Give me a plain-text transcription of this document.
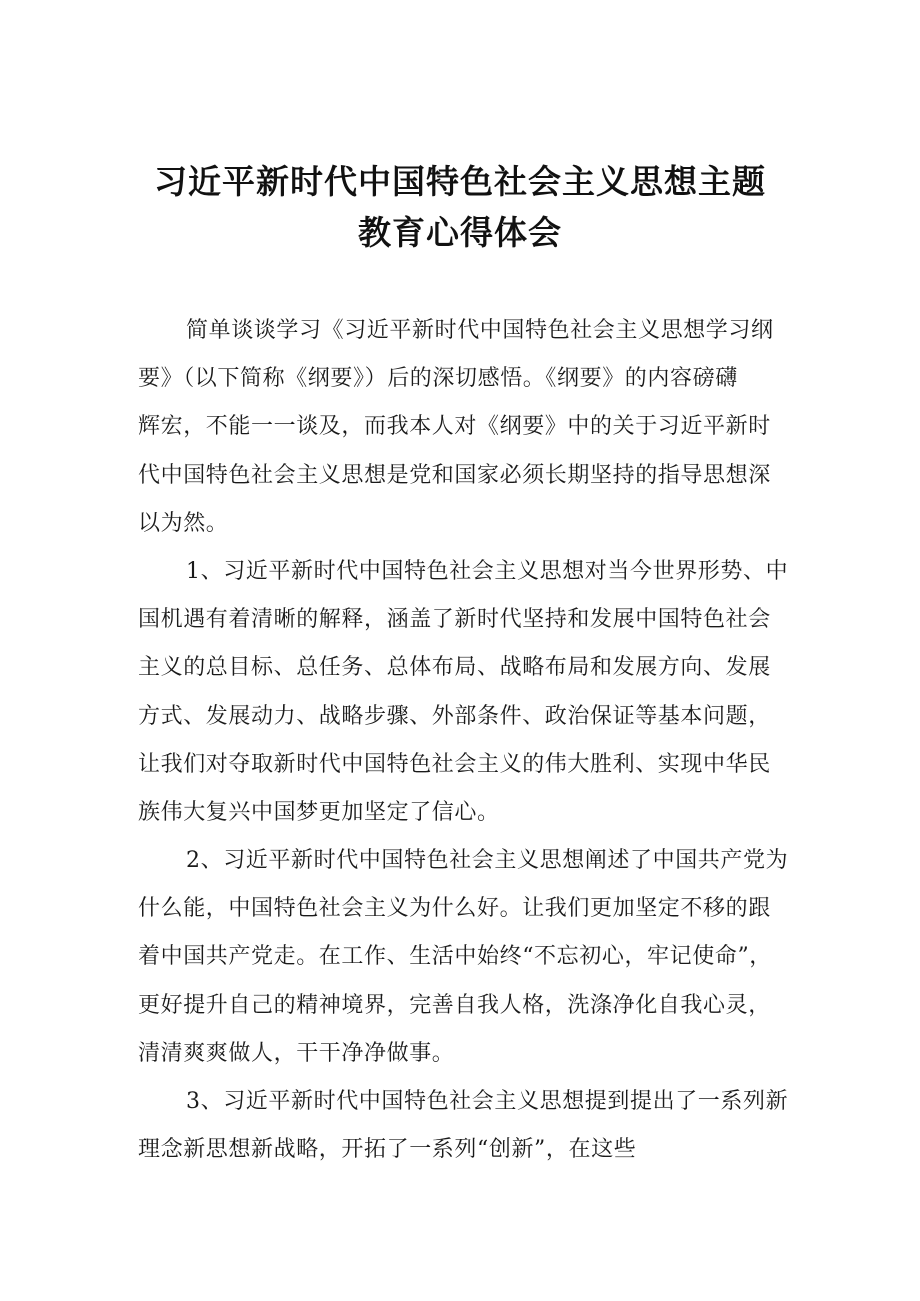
习近平新时代中国特色社会主义思想主题
教育心得体会
简单谈谈学习《习近平新时代中国特色社会主义思想学习纲
要》（以下简称《纲要》）后的深切感悟。《纲要》的内容磅礴
辉宏，不能一一谈及，而我本人对《纲要》中的关于习近平新时
代中国特色社会主义思想是党和国家必须长期坚持的指导思想深
以为然。
1、习近平新时代中国特色社会主义思想对当今世界形势、中
国机遇有着清晰的解释，涵盖了新时代坚持和发展中国特色社会
主义的总目标、总任务、总体布局、战略布局和发展方向、发展
方式、发展动力、战略步骤、外部条件、政治保证等基本问题，
让我们对夺取新时代中国特色社会主义的伟大胜利、实现中华民
族伟大复兴中国梦更加坚定了信心。
2、习近平新时代中国特色社会主义思想阐述了中国共产党为
什么能，中国特色社会主义为什么好。让我们更加坚定不移的跟
着中国共产党走。在工作、生活中始终“不忘初心，牢记使命”，
更好提升自己的精神境界，完善自我人格，洗涤净化自我心灵，
清清爽爽做人，干干净净做事。
3、习近平新时代中国特色社会主义思想提到提出了一系列新
理念新思想新战略，开拓了一系列“创新”，在这些
